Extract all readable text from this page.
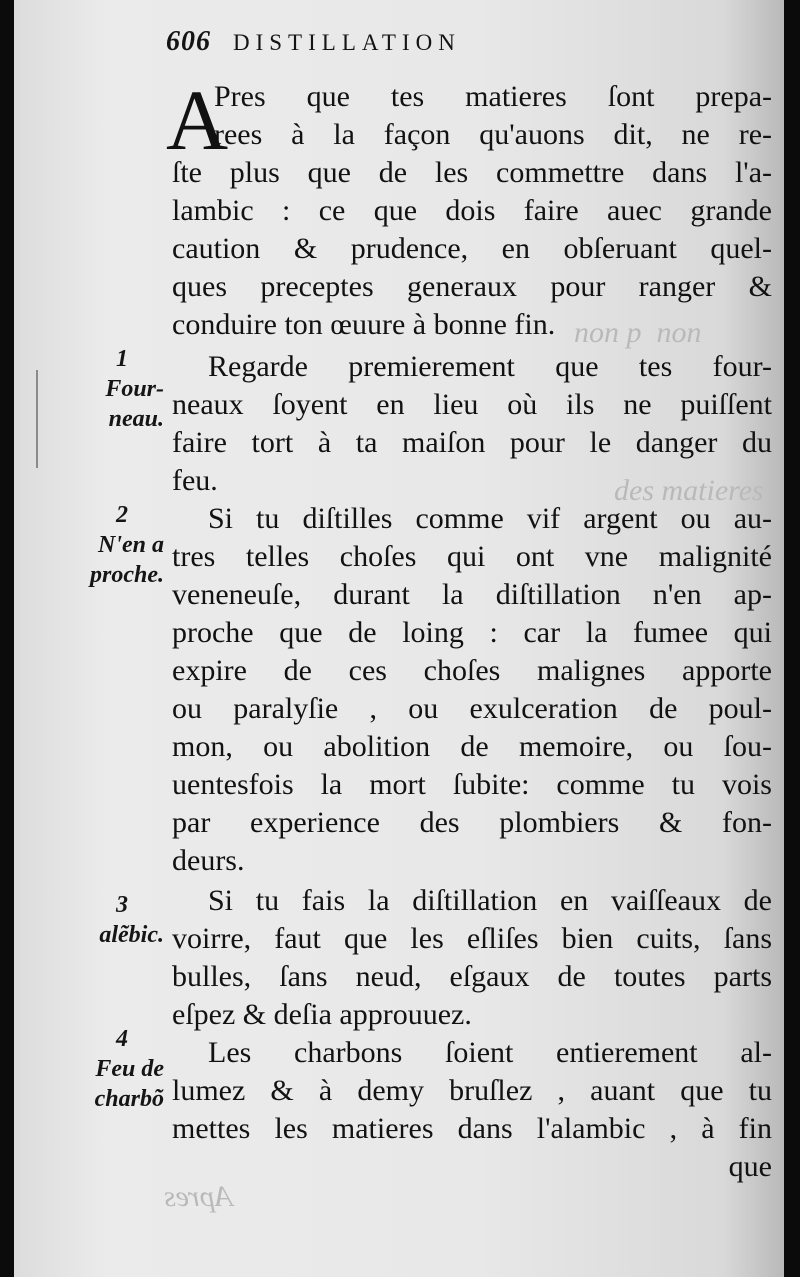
non p  non
des matieres
Apres
606 DISTILLATION
A
Pres que tes matieres ſont prepa-
rees à la façon qu'auons dit, ne re-
ſte plus que de les commettre dans l'a-
lambic : ce que dois faire auec grande
caution & prudence, en obſeruant quel-
ques preceptes generaux pour ranger &
conduire ton œuure à bonne fin.
Regarde premierement que tes four-
neaux ſoyent en lieu où ils ne puiſſent
faire tort à ta maiſon pour le danger du
feu.
Si tu diſtilles comme vif argent ou au-
tres telles choſes qui ont vne malignité
veneneuſe, durant la diſtillation n'en ap-
proche que de loing : car la fumee qui
expire de ces choſes malignes apporte
ou paralyſie , ou exulceration de poul-
mon, ou abolition de memoire, ou ſou-
uentesfois la mort ſubite: comme tu vois
par experience des plombiers & fon-
deurs.
Si tu fais la diſtillation en vaiſſeaux de
voirre, faut que les eſliſes bien cuits, ſans
bulles, ſans neud, eſgaux de toutes parts
eſpez & deſia approuuez.
Les charbons ſoient entierement al-
lumez & à demy bruſlez , auant que tu
mettes les matieres dans l'alambic , à fin
que
1
Four-
neau.
2
N'en a
proche.
3
alẽbic.
4
Feu de
charbõ
